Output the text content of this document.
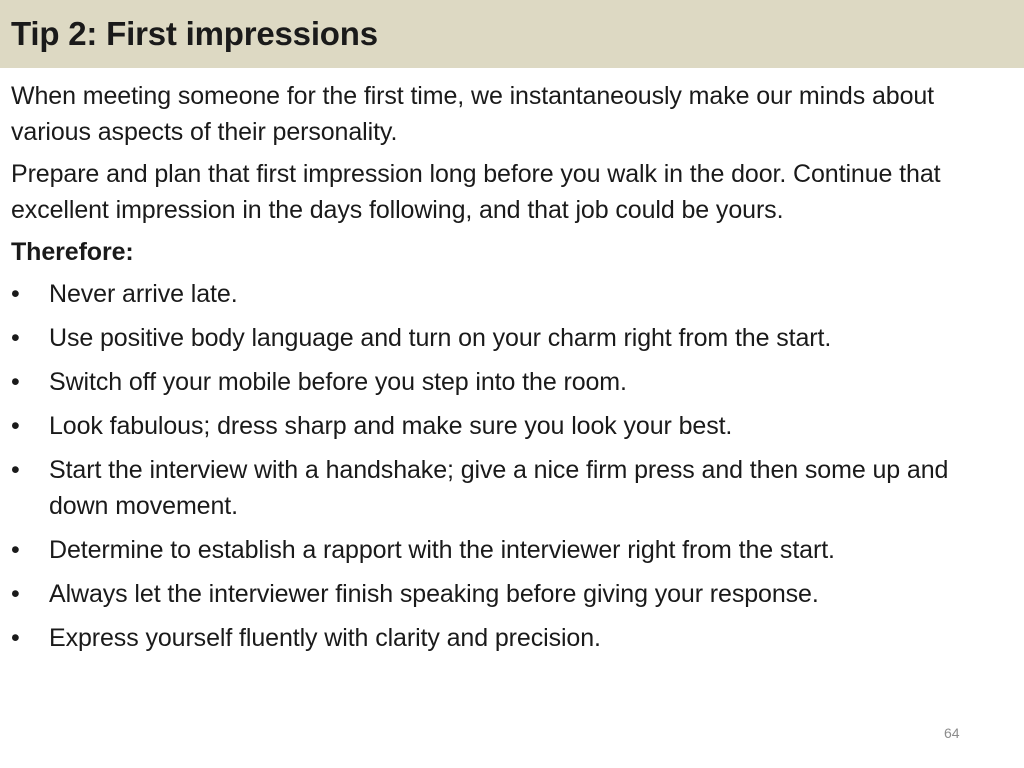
Tip 2: First impressions

When meeting someone for the first time, we instantaneously make our minds about various aspects of their personality.

Prepare and plan that first impression long before you walk in the door. Continue that excellent impression in the days following, and that job could be yours.

Therefore:

•	Never arrive late.
•	Use positive body language and turn on your charm right from the start.
•	Switch off your mobile before you step into the room.
•	Look fabulous; dress sharp and make sure you look your best.
•	Start the interview with a handshake; give a nice firm press and then some up and down movement.
•	Determine to establish a rapport with the interviewer right from the start.
•	Always let the interviewer finish speaking before giving your response.
•	Express yourself fluently with clarity and precision.
64
